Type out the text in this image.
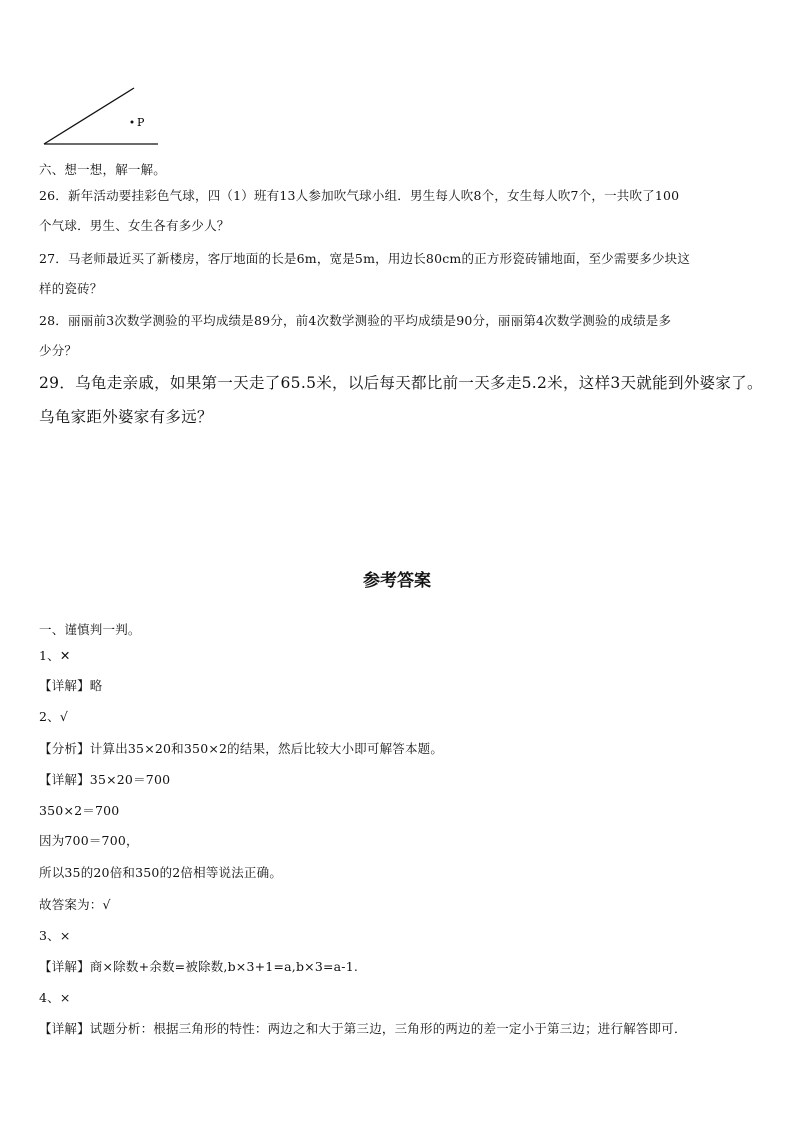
P
六、想一想，解一解。
26．新年活动要挂彩色气球，四（1）班有13人参加吹气球小组．男生每人吹8个，女生每人吹7个，一共吹了100
个气球．男生、女生各有多少人？
27．马老师最近买了新楼房，客厅地面的长是6m，宽是5m，用边长80cm的正方形瓷砖铺地面，至少需要多少块这
样的瓷砖？
28．丽丽前3次数学测验的平均成绩是89分，前4次数学测验的平均成绩是90分，丽丽第4次数学测验的成绩是多
少分？
29．乌龟走亲戚，如果第一天走了65.5米，以后每天都比前一天多走5.2米，这样3天就能到外婆家了。
乌龟家距外婆家有多远？
参考答案
一、谨慎判一判。
1、✕
【详解】略
2、√
【分析】计算出35×20和350×2的结果，然后比较大小即可解答本题。
【详解】35×20＝700
350×2＝700
因为700＝700，
所以35的20倍和350的2倍相等说法正确。
故答案为：√
3、×
【详解】商×除数+余数=被除数,b×3+1=a,b×3=a-1.
4、×
【详解】试题分析：根据三角形的特性：两边之和大于第三边，三角形的两边的差一定小于第三边；进行解答即可．
